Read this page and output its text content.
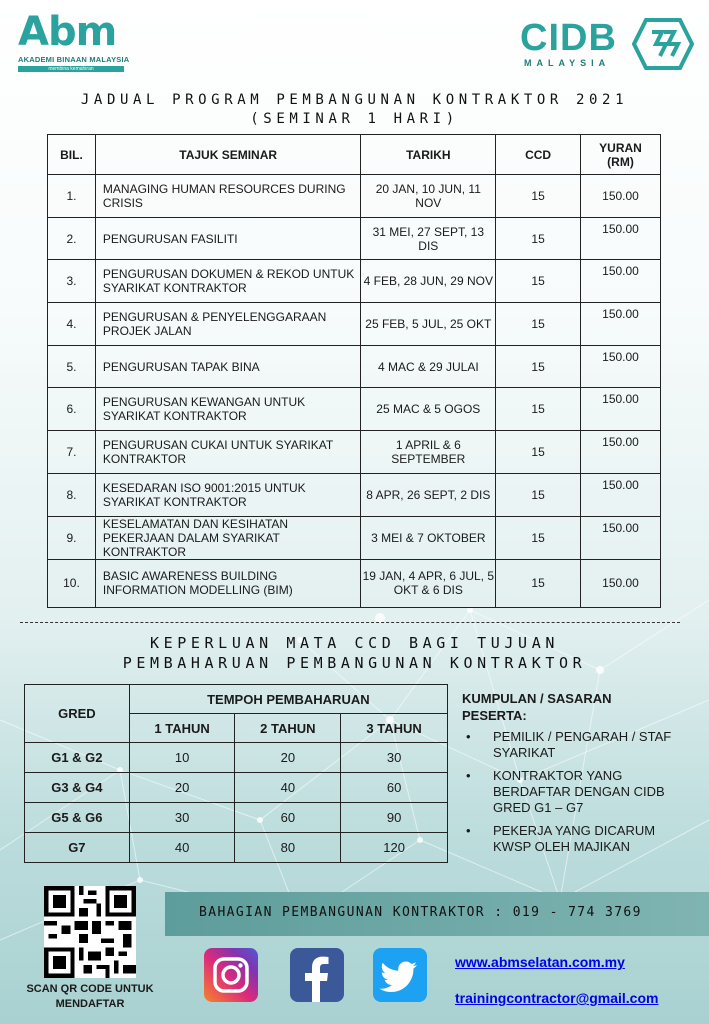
Abm
AKADEMI BINAAN MALAYSIA
membina kemahiran
CIDB
MALAYSIA
JADUAL PROGRAM PEMBANGUNAN KONTRAKTOR 2021
(SEMINAR 1 HARI)
BIL.	TAJUK SEMINAR	TARIKH	CCD	YURAN (RM)
1.	MANAGING HUMAN RESOURCES DURING CRISIS	20 JAN, 10 JUN, 11 NOV	15	150.00
2.	PENGURUSAN FASILITI	31 MEI, 27 SEPT, 13 DIS	15	150.00
3.	PENGURUSAN DOKUMEN & REKOD UNTUK SYARIKAT KONTRAKTOR	4 FEB, 28 JUN, 29 NOV	15	150.00
4.	PENGURUSAN & PENYELENGGARAAN PROJEK JALAN	25 FEB, 5 JUL, 25 OKT	15	150.00
5.	PENGURUSAN TAPAK BINA	4 MAC & 29 JULAI	15	150.00
6.	PENGURUSAN KEWANGAN UNTUK SYARIKAT KONTRAKTOR	25 MAC & 5 OGOS	15	150.00
7.	PENGURUSAN CUKAI UNTUK SYARIKAT KONTRAKTOR	1 APRIL & 6 SEPTEMBER	15	150.00
8.	KESEDARAN ISO 9001:2015 UNTUK SYARIKAT KONTRAKTOR	8 APR, 26 SEPT, 2 DIS	15	150.00
9.	KESELAMATAN DAN KESIHATAN PEKERJAAN DALAM SYARIKAT KONTRAKTOR	3 MEI & 7 OKTOBER	15	150.00
10.	BASIC AWARENESS BUILDING INFORMATION MODELLING (BIM)	19 JAN, 4 APR, 6 JUL, 5 OKT & 6 DIS	15	150.00
KEPERLUAN MATA CCD BAGI TUJUAN
PEMBAHARUAN PEMBANGUNAN KONTRAKTOR
GRED	TEMPOH PEMBAHARUAN		
	1 TAHUN	2 TAHUN	3 TAHUN
G1 & G2	10	20	30
G3 & G4	20	40	60
G5 & G6	30	60	90
G7	40	80	120
KUMPULAN / SASARAN PESERTA:
• PEMILIK / PENGARAH / STAF SYARIKAT
• KONTRAKTOR YANG BERDAFTAR DENGAN CIDB GRED G1 – G7
• PEKERJA YANG DICARUM KWSP OLEH MAJIKAN
SCAN QR CODE UNTUK MENDAFTAR
BAHAGIAN PEMBANGUNAN KONTRAKTOR : 019 - 774 3769
www.abmselatan.com.my
trainingcontractor@gmail.com
